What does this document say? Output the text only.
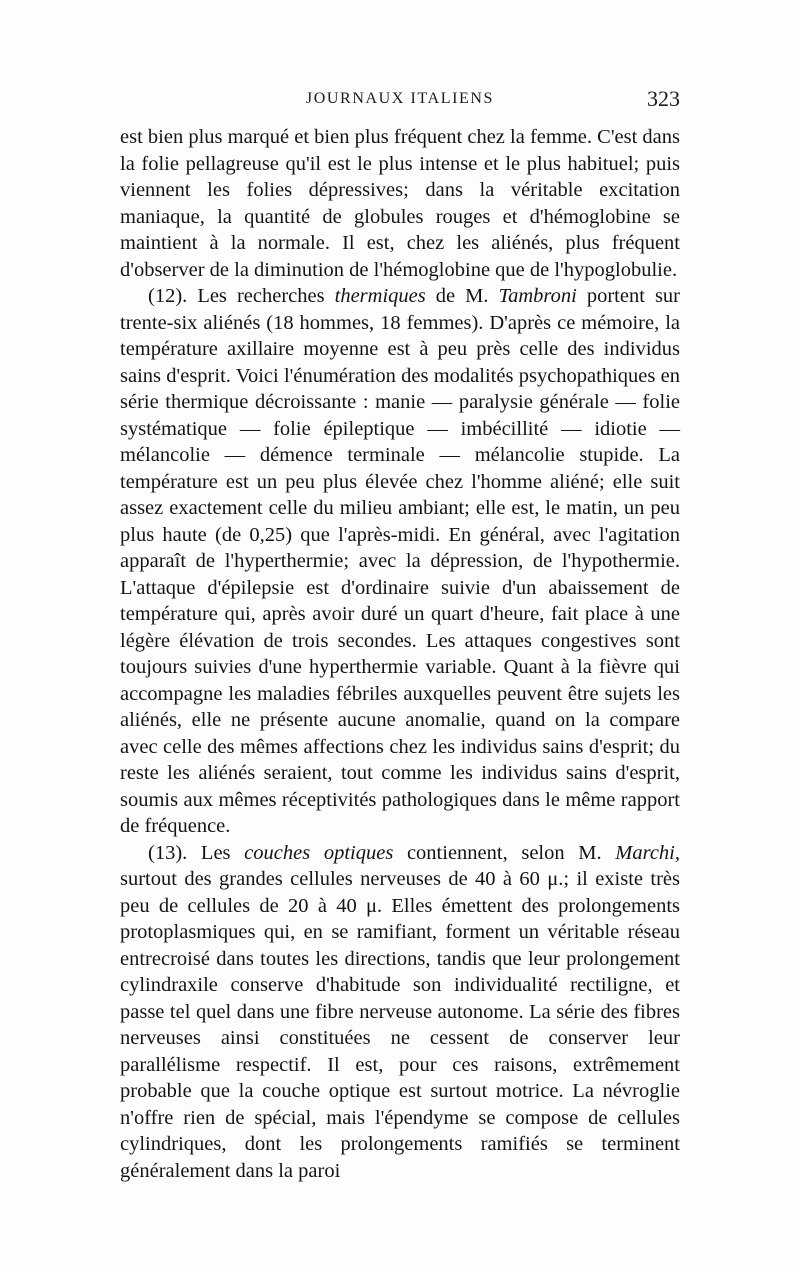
JOURNAUX ITALIENS	323

est bien plus marqué et bien plus fréquent chez la femme. C'est dans la folie pellagreuse qu'il est le plus intense et le plus habituel; puis viennent les folies dépressives; dans la véritable excitation maniaque, la quantité de globules rouges et d'hémoglobine se maintient à la normale. Il est, chez les aliénés, plus fréquent d'observer de la diminution de l'hémoglobine que de l'hypoglobulie.

(12). Les recherches thermiques de M. Tambroni portent sur trente-six aliénés (18 hommes, 18 femmes). D'après ce mémoire, la température axillaire moyenne est à peu près celle des individus sains d'esprit. Voici l'énumération des modalités psychopathiques en série thermique décroissante : manie — paralysie générale — folie systématique — folie épileptique — imbécillité — idiotie — mélancolie — démence terminale — mélancolie stupide. La température est un peu plus élevée chez l'homme aliéné; elle suit assez exactement celle du milieu ambiant; elle est, le matin, un peu plus haute (de 0,25) que l'après-midi. En général, avec l'agitation apparaît de l'hyperthermie; avec la dépression, de l'hypothermie. L'attaque d'épilepsie est d'ordinaire suivie d'un abaissement de température qui, après avoir duré un quart d'heure, fait place à une légère élévation de trois secondes. Les attaques congestives sont toujours suivies d'une hyperthermie variable. Quant à la fièvre qui accompagne les maladies fébriles auxquelles peuvent être sujets les aliénés, elle ne présente aucune anomalie, quand on la compare avec celle des mêmes affections chez les individus sains d'esprit; du reste les aliénés seraient, tout comme les individus sains d'esprit, soumis aux mêmes réceptivités pathologiques dans le même rapport de fréquence.

(13). Les couches optiques contiennent, selon M. Marchi, surtout des grandes cellules nerveuses de 40 à 60 μ.; il existe très peu de cellules de 20 à 40 μ. Elles émettent des prolongements protoplasmiques qui, en se ramifiant, forment un véritable réseau entrecroisé dans toutes les directions, tandis que leur prolongement cylindraxile conserve d'habitude son individualité rectiligne, et passe tel quel dans une fibre nerveuse autonome. La série des fibres nerveuses ainsi constituées ne cessent de conserver leur parallélisme respectif. Il est, pour ces raisons, extrêmement probable que la couche optique est surtout motrice. La névroglie n'offre rien de spécial, mais l'épendyme se compose de cellules cylindriques, dont les prolongements ramifiés se terminent généralement dans la paroi
